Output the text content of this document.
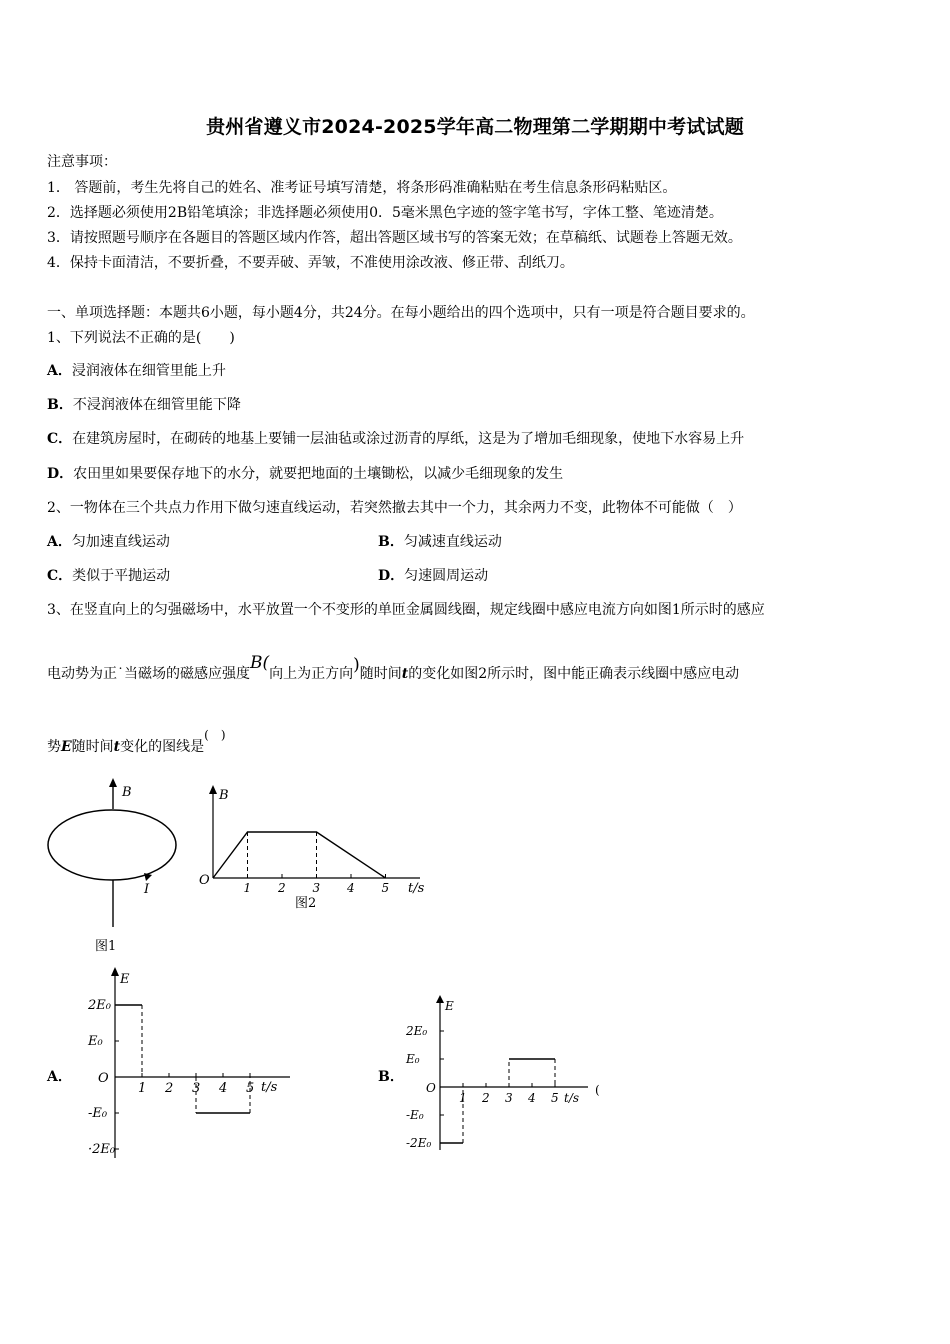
贵州省遵义市2024-2025学年高二物理第二学期期中考试试题
注意事项：
1． 答题前，考生先将自己的姓名、准考证号填写清楚，将条形码准确粘贴在考生信息条形码粘贴区。
2．选择题必须使用2B铅笔填涂；非选择题必须使用0．5毫米黑色字迹的签字笔书写，字体工整、笔迹清楚。
3．请按照题号顺序在各题目的答题区域内作答，超出答题区域书写的答案无效；在草稿纸、试题卷上答题无效。
4．保持卡面清洁，不要折叠，不要弄破、弄皱，不准使用涂改液、修正带、刮纸刀。
一、单项选择题：本题共6小题，每小题4分，共24分。在每小题给出的四个选项中，只有一项是符合题目要求的。
1、下列说法不正确的是(　　)
A．浸润液体在细管里能上升
B．不浸润液体在细管里能下降
C．在建筑房屋时，在砌砖的地基上要铺一层油毡或涂过沥青的厚纸，这是为了增加毛细现象，使地下水容易上升
D．农田里如果要保存地下的水分，就要把地面的土壤锄松，以减少毛细现象的发生
2、一物体在三个共点力作用下做匀速直线运动，若突然撤去其中一个力，其余两力不变，此物体不可能做（　）
A．匀加速直线运动	B．匀减速直线运动
C．类似于平抛运动	D．匀速圆周运动
3、在竖直向上的匀强磁场中，水平放置一个不变形的单匝金属圆线圈，规定线圈中感应电流方向如图1所示时的感应
电动势为正˙当磁场的磁感应强度B(向上为正方向)随时间t的变化如图2所示时，图中能正确表示线圈中感应电动
势E随时间t变化的图线是(　)
B
I
图1
B
O	1 2 3 4 5 t/s
图2
A．
E
O
1 2 3 4 5
2E₀
E₀
-E₀
·2E₀
t/s
B．
E
O
1 2 3 4 5
2E₀
E₀
-E₀
-2E₀
t/s
(
